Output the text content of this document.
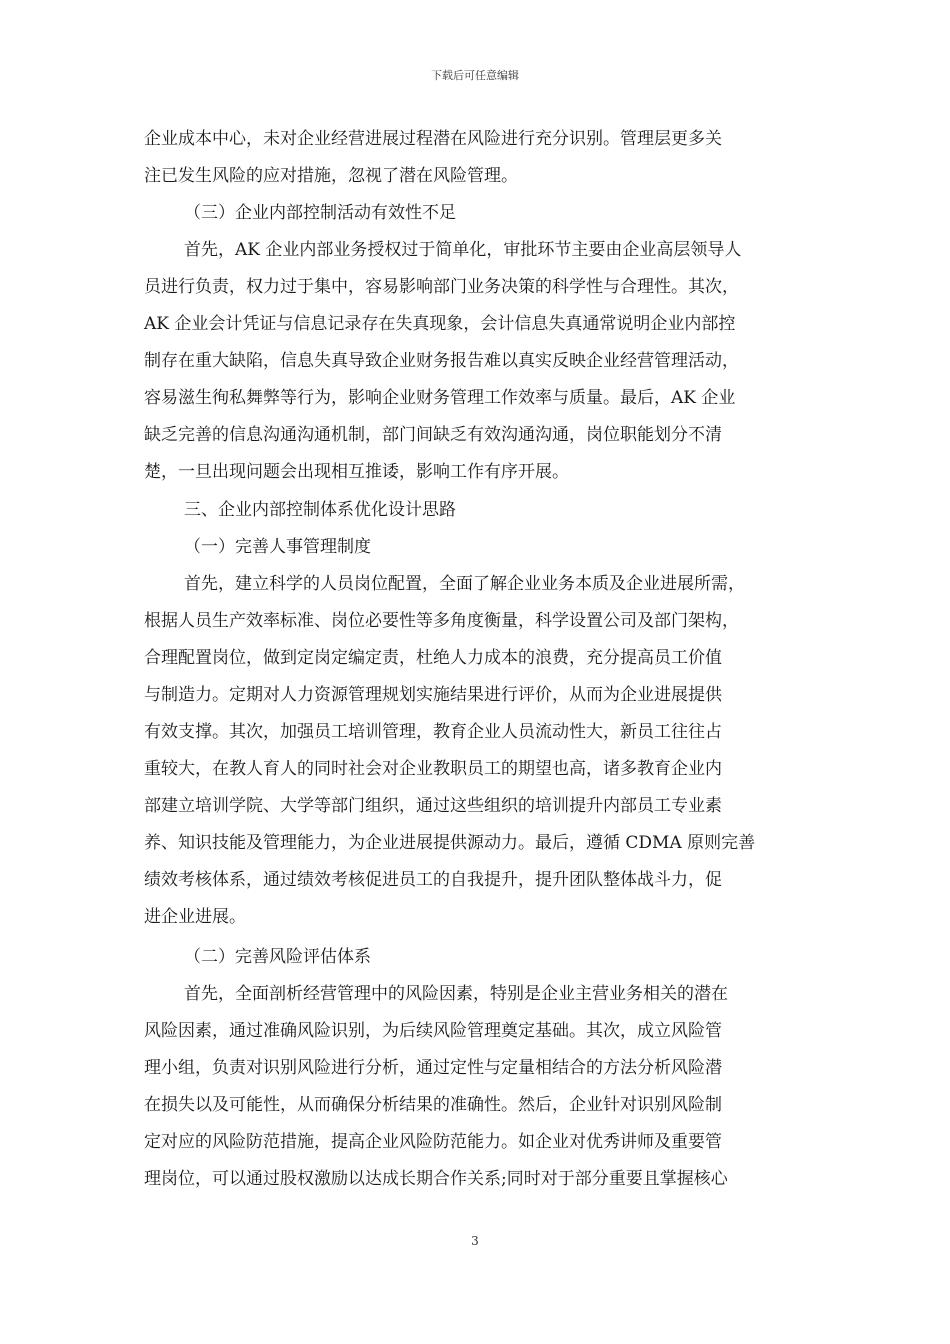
下载后可任意编辑
企业成本中心，未对企业经营进展过程潜在风险进行充分识别。管理层更多关
注已发生风险的应对措施，忽视了潜在风险管理。
（三）企业内部控制活动有效性不足
首先，AK 企业内部业务授权过于简单化，审批环节主要由企业高层领导人
员进行负责，权力过于集中，容易影响部门业务决策的科学性与合理性。其次，
AK 企业会计凭证与信息记录存在失真现象，会计信息失真通常说明企业内部控
制存在重大缺陷，信息失真导致企业财务报告难以真实反映企业经营管理活动，
容易滋生徇私舞弊等行为，影响企业财务管理工作效率与质量。最后，AK 企业
缺乏完善的信息沟通沟通机制，部门间缺乏有效沟通沟通，岗位职能划分不清
楚，一旦出现问题会出现相互推诿，影响工作有序开展。
三、企业内部控制体系优化设计思路
（一）完善人事管理制度
首先，建立科学的人员岗位配置，全面了解企业业务本质及企业进展所需，
根据人员生产效率标准、岗位必要性等多角度衡量，科学设置公司及部门架构，
合理配置岗位，做到定岗定编定责，杜绝人力成本的浪费，充分提高员工价值
与制造力。定期对人力资源管理规划实施结果进行评价，从而为企业进展提供
有效支撑。其次，加强员工培训管理，教育企业人员流动性大，新员工往往占
重较大，在教人育人的同时社会对企业教职员工的期望也高，诸多教育企业内
部建立培训学院、大学等部门组织，通过这些组织的培训提升内部员工专业素
养、知识技能及管理能力，为企业进展提供源动力。最后，遵循 CDMA 原则完善
绩效考核体系，通过绩效考核促进员工的自我提升，提升团队整体战斗力，促
进企业进展。
（二）完善风险评估体系
首先，全面剖析经营管理中的风险因素，特别是企业主营业务相关的潜在
风险因素，通过准确风险识别，为后续风险管理奠定基础。其次，成立风险管
理小组，负责对识别风险进行分析，通过定性与定量相结合的方法分析风险潜
在损失以及可能性，从而确保分析结果的准确性。然后，企业针对识别风险制
定对应的风险防范措施，提高企业风险防范能力。如企业对优秀讲师及重要管
理岗位，可以通过股权激励以达成长期合作关系;同时对于部分重要且掌握核心
3
